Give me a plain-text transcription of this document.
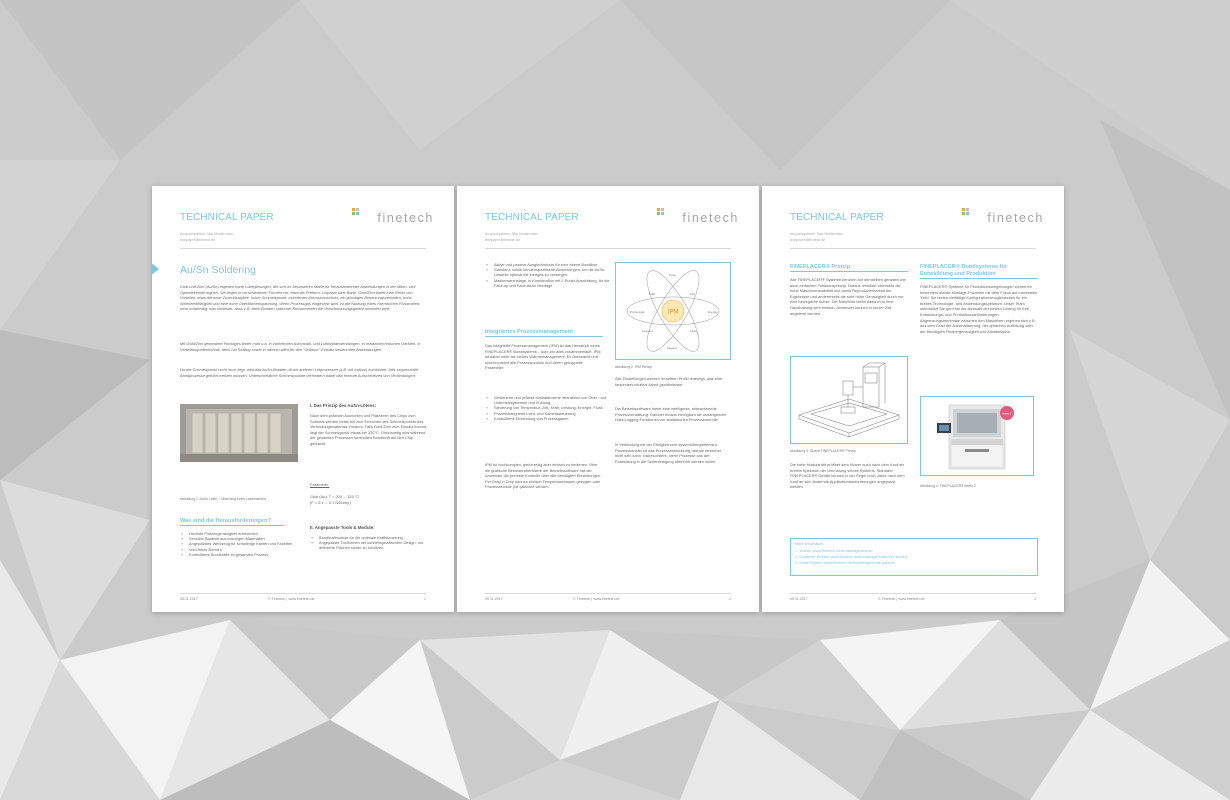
TECHNICAL PAPER	finetech
Ansprechpartner: Max Mustermann
techpaper@finetech.de
Au/Sn Soldering
Gold und Zinn (Au/Sn) ergeben harte Lötlegierungen, die sich im besonderen Maße für herausfordernde Anwendungen in der Mikro- und Optoelektronik eignen. Sie liegen in verschiedenen Formen vor, etwa als Preform, Lotpaste oder Band. Gold/Zinn bietet eine Reihe von Vorteilen, etwa die hohe Zuverlässigkeit, hoher Schmelzpunkt, exzellenter Korrosionsschutz, ein günstiges Benetzungsverhalten, hohe Wärmeleitfähigkeit und eine hohe Oberflächenspannung. Wenn Prozessgas eingesetzt wird, ist die Nutzung eines chemischen Flussmittels nicht notwendig; was bedeutet, dass z.B. beim Bonden optischer Komponenten die Verschmutzungsgefahr minimiert wird.
Mit Gold/Zinn gebondete Packages findet man u.a. in zahlreichen Automobil- und Luftfahrtanwendungen, in medizintechnischen Geräten, in Verteilfunguntertechnik, beim Lid Sealing sowie in nahezu allen für den "Outdoor"-Einsatz bestimmten Anwendungen.
Da der Schmelzpunkt recht hoch liegt, wird das AuSn-Bonden oft mit anderen Lötprozessen (z.B. mit Indium) kombiniert, falls sequenzielle Bondprozesse geführt werden müssen. Unterschiedliche Schmelzpunkte verhindern dabei das erneute Aufschmelzen von Verbindungen.
Abbildung 1: AuSn Löten – Überhang eines Laserbarrens
I. Das Prinzip des AuSn-Lötens:
Nach dem präzisen Ausrichten und Platzieren des Chips zum Substrat werden beide bis zum Erreichen des Schmelzpunkts des Verbindungsmaterials erwärmt. Falls Gold-Zinn zum Einsatz kommt, liegt der Schmelzpunkt etwas bei 320°C. Gleichzeitig wird während der gesamten Prozesses kontrolliert Bondkraft auf den Chip gebracht.
Parameter:
Gold (Au): T = 200 ... 320 °C
(F = 0.1 ... 0.7 N/Bump)
Was sind die Herausforderungen?
» Höchste Platziergenauigkeit erforderlich
» Sensible Bauteile aus brüchigen Materialien
» Angepasstes Werkzeug für schwierige Kanten und Facetten
» Void-freies Bonden
» Kontrollierte Bondkräfte im gesamten Prozess
II. Angepasste Tools & Module:
» Bondkraftmodule für die optimale Kraftsteuerung
» Angepasste Toolformen mit kundenspezifischem Design, um definierte Flächen sicher zu schützen.
05.11.2017	© Finetech | www.finetech.de	1
TECHNICAL PAPER	finetech
Ansprechpartner: Max Mustermann
techpaper@finetech.de
» Aktive und passive Ausgleichstools für eine ebene Bondlinie
» Standard- sowie kundenspezifische Abdeckungen, um die AuSn-Lötstelle optimal mit Inertgas zu versorgen.
» Maskenwechslage, in Kombination mit 2-Punkt-Ausrichtung, für die Face-up und Face-down Montage
Integriertes Prozessmanagement
Das integrierte Prozessmanagement (IPM) ist das Herzstück eines FINEPLACER® Bondsystems – dort, wo alles zusammenläuft. IPM ist dabei mehr als bloßes Wärmemanagement. Es überwacht und synchronisiert alle Prozessmodule und deren gekoppelte Parameter:
» Gesteuerte und präzise ausbalancierte Interaktion von Ober- und Unterheizsystemen und Kühlung
» Steuerung von Temperatur, Zeit, Kraft, Leistung, Energie, Fluss
» Prozessintegrierte Licht- und Kamerasteuerung
» Kontrollierte Einbindung von Prozessgasen
IPM ist hochkomplex, gleichzeitig aber einfach zu bedienen. Über die grafische Benutzeroberfläche der Betriebssoftware hat der Anwender die perfekte Kontrolle über alle benötigten Einstellungen. Per Drag 'n Drop können einfach Temperaturrampen gezogen oder Prozessmodule (de-)aktiviert werden.
Kraft
Temp
Zeit
Energie
Fluss
Kamera
Leistung
Prozessgas	IPM
Abbildung 2: IPM Prinzip
Alle Einstellungen werden im selben Profil hinterlegt, was eine besonders intuitive Arbeit gewährleistet.
Die Betriebssoftware bietet eine intelligente, mitwachsende Prozessverwaltung. Darüber hinaus ermöglicht sie umfangreiche Data-Logging-Funktionen zur statistischen Prozesskontrolle.
In Verbindung mit der Fähigkeit zum systemübergreifenden Prozesstransfer ist das Prozessentwicklung, wie sie einfacher nicht sein kann. Insbesondere, wenn Prozesse aus der Entwicklung in die Serienfertigung überführt werden sollen.
05.11.2017	© Finetech | www.finetech.de	2
TECHNICAL PAPER	finetech
Ansprechpartner: Max Mustermann
techpaper@finetech.de
FINEPLACER® Prinzip
Alle FINEPLACER® Systeme beruhen auf demselben genialen wie auch einfachen Funktionsprinzip. Daraus resultiert einerseits die hohe Maschinenstabilität und damit Reproduzierbarkeit der Ergebnisse und andererseits die sehr hohe Genauigkeit durch nur eine bewegliche Achse. Die Maschine bleibt dadurch in ihrer Handhabung sehr einfach, Anwender können in kurzer Zeit angelernt werden.
Abbildung 3: Skizze FINEPLACER® Prinzip
Die hohe Modularität eröffnet dem Nutzer auch nach dem Kauf ein breites Spektrum der Umrüstung seines Systems. Standard FINEPLACER® Geräte können in der Regel noch Jahre nach dem Kauf an sich ändernde Applikationsanforderungen angepasst werden.
FINEPLACER® Bondsysteme für Entwicklung und Produktion
FINEPLACER® Systeme für Produktionsumgebungen stehen für besonders stabile Montage-Prozesse mit dem Fokus auf maximalen Yield. Sie bieten vielfältige Konfigurationsmöglichkeiten für ein breites Technologie- und Anwendungsspektrum. Unser Team unterstützt Sie gern bei der Auswahl der besten Lösung für Ihre Entwicklungs- und Produktionsanforderungen. Abgrenzungsmerkmale zwischen den Maschinen ergeben sich z.B. aus dem Grad der Automatisierung, der optischen Auflösung oder der benötigten Platziergenauigkeit und Arbeitsfläche.
femto 2
Abbildung 4: FINEPLACER® femto 2
More information:
1. Videos: www.finetech.de/knowledge/videos/
2. Customer Stories: www.finetech.de/knowledge/customer-stories/
3. White Papers: www.finetech.de/knowledge/white-papers/
05.11.2017	© Finetech | www.finetech.de	3
